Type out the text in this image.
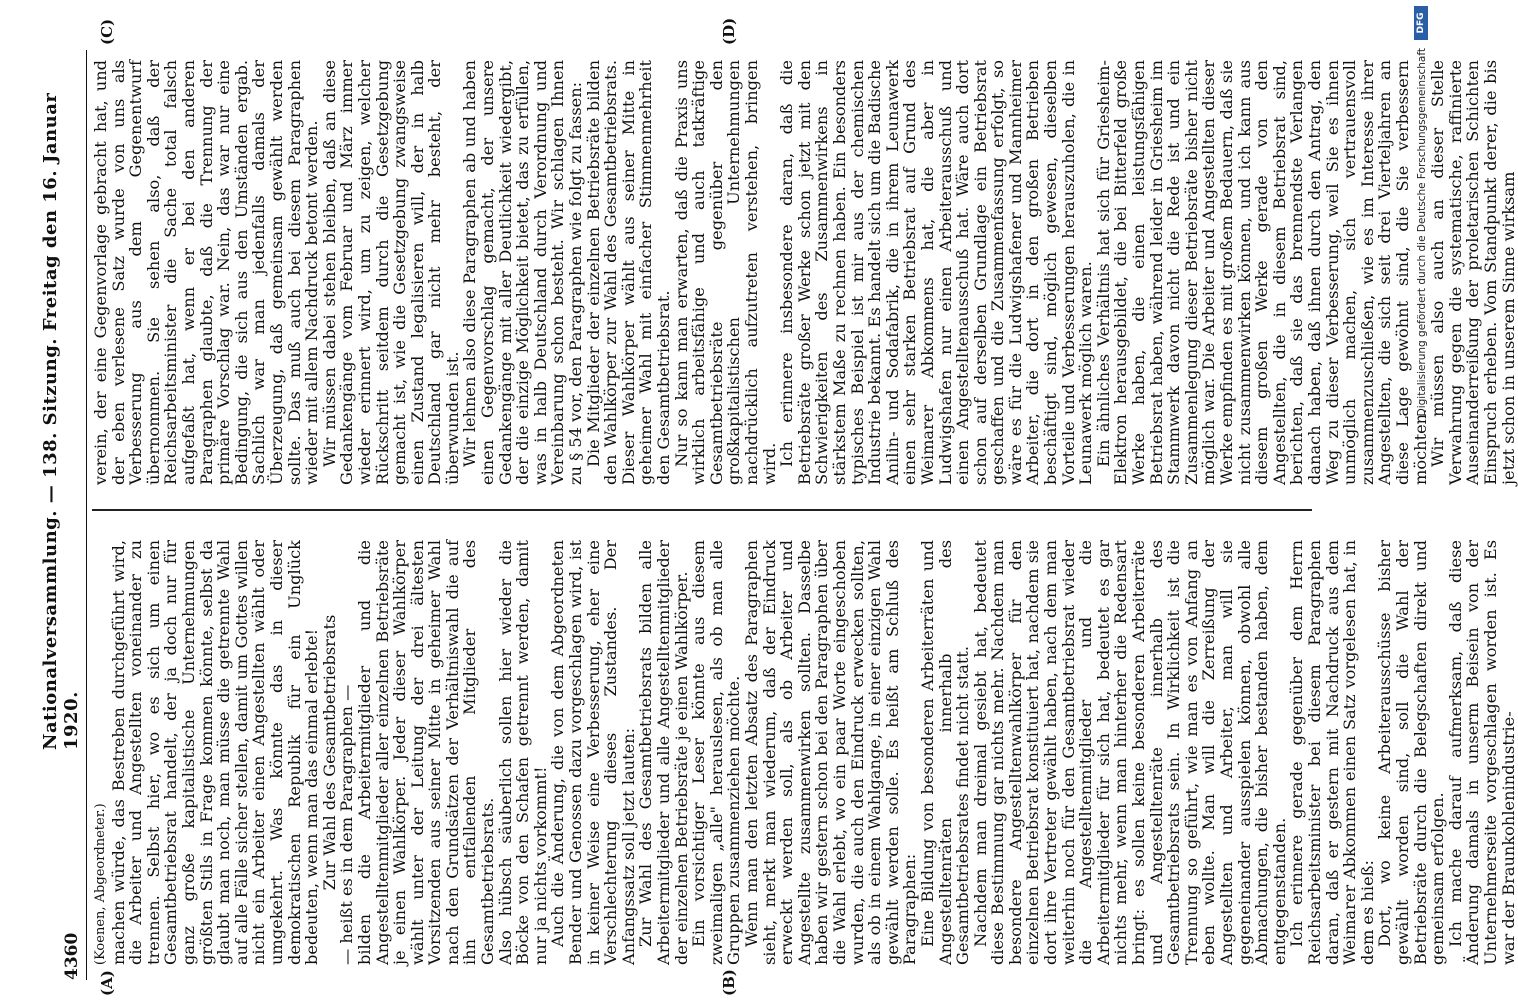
4360
Nationalversammlung. — 138. Sitzung. Freitag den 16. Januar 1920.
(A)	(B)
(C)	(D)

(Koenen, Abgeordneter.) machen würde, das Bestreben durchgeführt wird, die Arbeiter und Angestellten voneinander zu trennen. Selbst hier, wo es sich um einen Gesamtbetriebsrat handelt, der ja doch nur für ganz große kapitalistische Unternehmungen größten Stils in Frage kommen könnte, selbst da glaubt man noch, man müsse die getrennte Wahl auf alle Fälle sicher stellen, damit um Gottes willen nicht ein Arbeiter einen Angestellten wählt oder umgekehrt. Was könnte das in dieser demokratischen Republik für ein Unglück bedeuten, wenn man das einmal erlebte!

Zur Wahl des Gesamtbetriebsrats

— heißt es in dem Paragraphen —

bilden die Arbeitermitglieder und die Angestelltenmitglieder aller einzelnen Betriebsräte je einen Wahlkörper. Jeder dieser Wahlkörper wählt unter der Leitung der drei ältesten Vorsitzenden aus seiner Mitte in geheimer Wahl nach den Grundsätzen der Verhältniswahl die auf ihn entfallenden Mitglieder des Gesamtbetriebsrats.

Also hübsch säuberlich sollen hier wieder die Böcke von den Schafen getrennt werden, damit nur ja nichts vorkommt!

Auch die Änderung, die von dem Abgeordneten Bender und Genossen dazu vorgeschlagen wird, ist in keiner Weise eine Verbesserung, eher eine Verschlechterung dieses Zustandes. Der Anfangssatz soll jetzt lauten:

Zur Wahl des Gesamtbetriebsrats bilden alle Arbeitermitglieder und alle Angestelltenmitglieder der einzelnen Betriebsräte je einen Wahlkörper.

Ein vorsichtiger Leser könnte aus diesem zweimaligen „alle" herauslesen, als ob man alle Gruppen zusammenziehen möchte.

Wenn man den letzten Absatz des Paragraphen sieht, merkt man wiederum, daß der Eindruck erweckt werden soll, als ob Arbeiter und Angestellte zusammenwirken sollten. Dasselbe haben wir gestern schon bei den Paragraphen über die Wahl erlebt, wo ein paar Worte eingeschoben wurden, die auch den Eindruck erwecken sollten, als ob in einem Wahlgange, in einer einzigen Wahl gewählt werden solle. Es heißt am Schluß des Paragraphen:

Eine Bildung von besonderen Arbeiterräten und Angestelltenräten innerhalb des Gesamtbetriebsrates findet nicht statt.

Nachdem man dreimal gesiebt hat, bedeutet diese Bestimmung gar nichts mehr. Nachdem man besondere Angestelltenwahlkörper für den einzelnen Betriebsrat konstituiert hat, nachdem sie dort ihre Vertreter gewählt haben, nach dem man weiterhin noch für den Gesamtbetriebsrat wieder die Angestelltenmitglieder und die Arbeitermitglieder für sich hat, bedeutet es gar nichts mehr, wenn man hinterher die Redensart bringt: es sollen keine besonderen Arbeiterräte und Angestelltenräte innerhalb des Gesamtbetriebsrats sein. In Wirklichkeit ist die Trennung so geführt, wie man es von Anfang an eben wollte. Man will die Zerreißung der Angestellten und Arbeiter, man will sie gegeneinander ausspielen können, obwohl alle Abmachungen, die bisher bestanden haben, dem entgegenstanden.

Ich erinnere gerade gegenüber dem Herrn Reichsarbeitsminister bei diesem Paragraphen daran, daß er gestern mit Nachdruck aus dem Weimarer Abkommen einen Satz vorgelesen hat, in dem es hieß:

Dort, wo keine Arbeiterausschüsse bisher gewählt worden sind, soll die Wahl der Betriebsräte durch die Belegschaften direkt und gemeinsam erfolgen.

Ich mache darauf aufmerksam, daß diese Änderung damals in unserm Beisein von der Unternehmerseite vorgeschlagen worden ist. Es war der Braunkohlenindustrie-

verein, der eine Gegenvorlage gebracht hat, und der eben verlesene Satz wurde von uns als Verbesserung aus dem Gegenentwurf übernommen. Sie sehen also, daß der Reichsarbeitsminister die Sache total falsch aufgefaßt hat, wenn er bei den anderen Paragraphen glaubte, daß die Trennung der primäre Vorschlag war. Nein, das war nur eine Bedingung, die sich aus den Umständen ergab. Sachlich war man jedenfalls damals der Überzeugung, daß gemeinsam gewählt werden sollte. Das muß auch bei diesem Paragraphen wieder mit allem Nachdruck betont werden.

Wir müssen dabei stehen bleiben, daß an diese Gedankengänge vom Februar und März immer wieder erinnert wird, um zu zeigen, welcher Rückschritt seitdem durch die Gesetzgebung gemacht ist, wie die Gesetzgebung zwangsweise einen Zustand legalisieren will, der in halb Deutschland gar nicht mehr besteht, der überwunden ist.

Wir lehnen also diese Paragraphen ab und haben einen Gegenvorschlag gemacht, der unsere Gedankengänge mit aller Deutlichkeit wiedergibt, der die einzige Möglichkeit bietet, das zu erfüllen, was in halb Deutschland durch Verordnung und Vereinbarung schon besteht. Wir schlagen Ihnen zu § 54 vor, den Paragraphen wie folgt zu fassen:

Die Mitglieder der einzelnen Betriebsräte bilden den Wahlkörper zur Wahl des Gesamtbetriebsrats. Dieser Wahlkörper wählt aus seiner Mitte in geheimer Wahl mit einfacher Stimmenmehrheit den Gesamtbetriebsrat.

Nur so kann man erwarten, daß die Praxis uns wirklich arbeitsfähige und auch tatkräftige Gesamtbetriebsräte gegenüber den großkapitalistischen Unternehmungen nachdrücklich aufzutreten verstehen, bringen wird.

Ich erinnere insbesondere daran, daß die Betriebsräte großer Werke schon jetzt mit den Schwierigkeiten des Zusammenwirkens in stärkstem Maße zu rechnen haben. Ein besonders typisches Beispiel ist mir aus der chemischen Industrie bekannt. Es handelt sich um die Badische Anilin- und Sodafabrik, die in ihrem Leunawerk einen sehr starken Betriebsrat auf Grund des Weimarer Abkommens hat, die aber in Ludwigshafen nur einen Arbeiterausschuß und einen Angestelltenausschuß hat. Wäre auch dort schon auf derselben Grundlage ein Betriebsrat geschaffen und die Zusammenfassung erfolgt, so wäre es für die Ludwigshafener und Mannheimer Arbeiter, die dort in den großen Betrieben beschäftigt sind, möglich gewesen, dieselben Vorteile und Verbesserungen herauszuholen, die in Leunawerk möglich waren.

Ein ähnliches Verhältnis hat sich für Griesheim-Elektron herausgebildet, die bei Bitterfeld große Werke haben, die einen leistungsfähigen Betriebsrat haben, während leider in Griesheim im Stammwerk davon nicht die Rede ist und ein Zusammenlegung dieser Betriebsräte bisher nicht möglich war. Die Arbeiter und Angestellten dieser Werke empfinden es mit großem Bedauern, daß sie nicht zusammenwirken können, und ich kann aus diesem großen Werke gerade von den Angestellten, die in diesem Betriebsrat sind, berichten, daß sie das brennendste Verlangen danach haben, daß ihnen durch den Antrag, den Weg zu dieser Verbesserung, weil Sie es ihnen unmöglich machen, sich vertrauensvoll zusammenzuschließen, wie es im Interesse ihrer Angestellten, die sich seit drei Vierteljahren an diese Lage gewöhnt sind, die Sie verbessern möchten.

Wir müssen also auch an dieser Stelle Verwahrung gegen die systematische, raffinierte Auseinanderreißung der proletarischen Schichten Einspruch erheben. Vom Standpunkt derer, die bis jetzt schon in unserem Sinne wirksam

Digitalisierung gefördert durch die Deutsche Forschungsgemeinschaft
DFG
